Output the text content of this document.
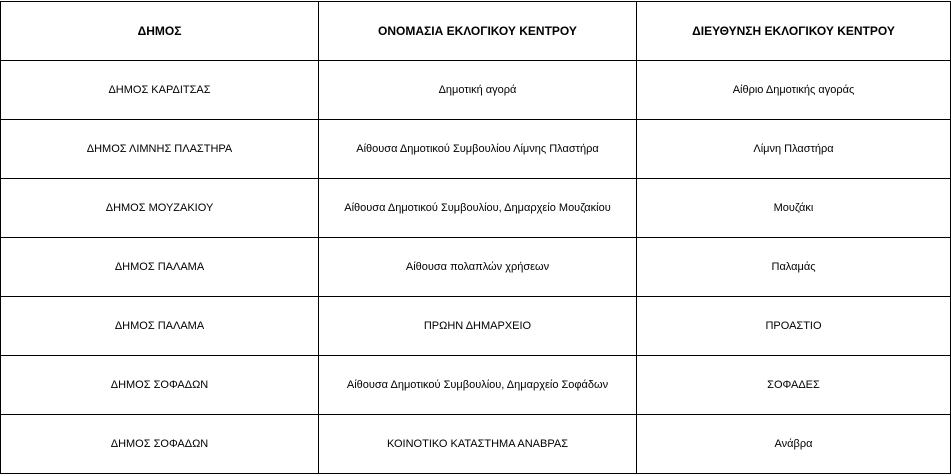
ΔΗΜΟΣ	ΟΝΟΜΑΣΙΑ ΕΚΛΟΓΙΚΟΥ ΚΕΝΤΡΟΥ	ΔΙΕΥΘΥΝΣΗ ΕΚΛΟΓΙΚΟΥ ΚΕΝΤΡΟΥ
ΔΗΜΟΣ ΚΑΡΔΙΤΣΑΣ	Δημοτική αγορά	Αίθριο Δημοτικής αγοράς
ΔΗΜΟΣ ΛΙΜΝΗΣ ΠΛΑΣΤΗΡΑ	Αίθουσα Δημοτικού Συμβουλίου Λίμνης Πλαστήρα	Λίμνη Πλαστήρα
ΔΗΜΟΣ ΜΟΥΖΑΚΙΟΥ	Αίθουσα Δημοτικού Συμβουλίου, Δημαρχείο Μουζακίου	Μουζάκι
ΔΗΜΟΣ ΠΑΛΑΜΑ	Αίθουσα πολαπλών χρήσεων	Παλαμάς
ΔΗΜΟΣ ΠΑΛΑΜΑ	ΠΡΩΗΝ ΔΗΜΑΡΧΕΙΟ	ΠΡΟΑΣΤΙΟ
ΔΗΜΟΣ ΣΟΦΑΔΩΝ	Αίθουσα Δημοτικού Συμβουλίου, Δημαρχείο Σοφάδων	ΣΟΦΑΔΕΣ
ΔΗΜΟΣ ΣΟΦΑΔΩΝ	ΚΟΙΝΟΤΙΚΟ ΚΑΤΑΣΤΗΜΑ ΑΝΑΒΡΑΣ	Ανάβρα
